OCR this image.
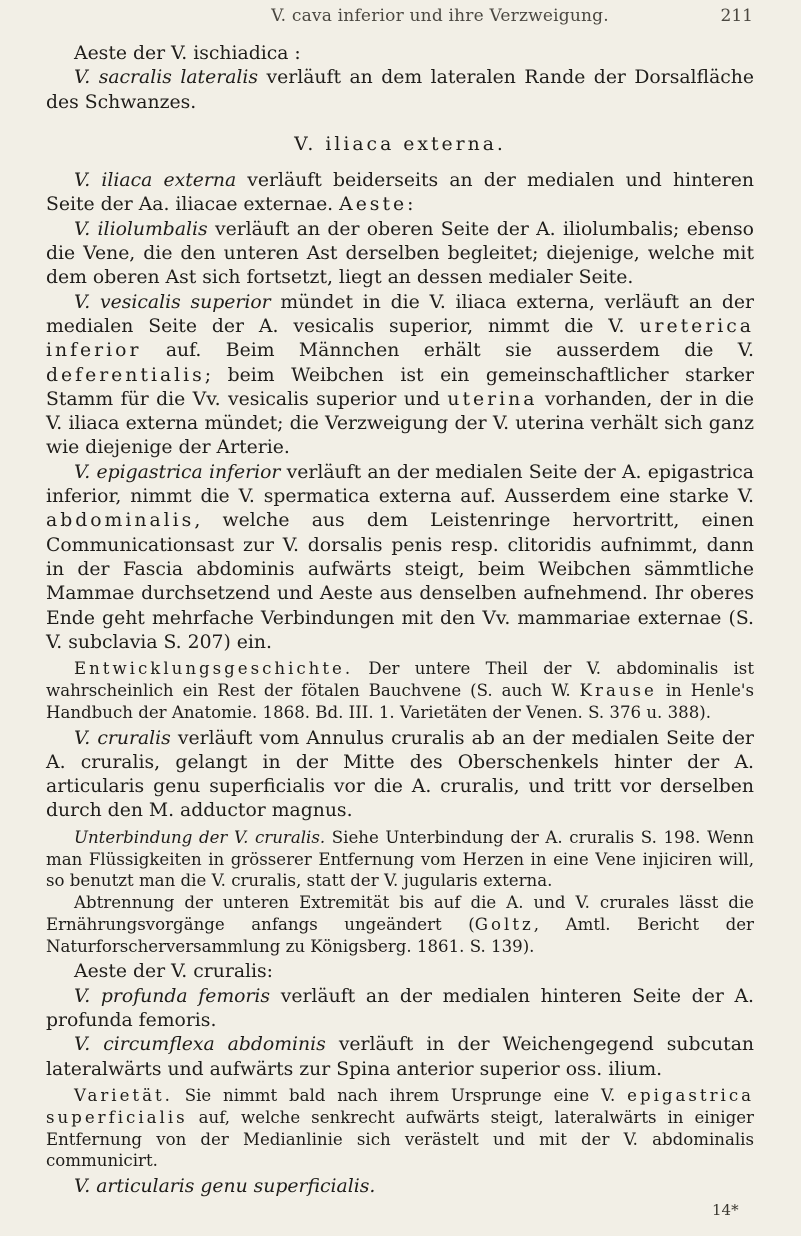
V. cava inferior und ihre Verzweigung.	211

Aeste der V. ischiadica :

V. sacralis lateralis verläuft an dem lateralen Rande der Dorsalfläche des Schwanzes.

V. iliaca externa.

V. iliaca externa verläuft beiderseits an der medialen und hinteren Seite der Aa. iliacae externae. Aeste:

V. iliolumbalis verläuft an der oberen Seite der A. iliolumbalis; ebenso die Vene, die den unteren Ast derselben begleitet; diejenige, welche mit dem oberen Ast sich fortsetzt, liegt an dessen medialer Seite.

V. vesicalis superior mündet in die V. iliaca externa, verläuft an der medialen Seite der A. vesicalis superior, nimmt die V. ureterica inferior auf. Beim Männchen erhält sie ausserdem die V. deferentialis; beim Weibchen ist ein gemeinschaftlicher starker Stamm für die Vv. vesicalis superior und uterina vorhanden, der in die V. iliaca externa mündet; die Verzweigung der V. uterina verhält sich ganz wie diejenige der Arterie.

V. epigastrica inferior verläuft an der medialen Seite der A. epigastrica inferior, nimmt die V. spermatica externa auf. Ausserdem eine starke V. abdominalis, welche aus dem Leistenringe hervortritt, einen Communicationsast zur V. dorsalis penis resp. clitoridis aufnimmt, dann in der Fascia abdominis aufwärts steigt, beim Weibchen sämmtliche Mammae durchsetzend und Aeste aus denselben aufnehmend. Ihr oberes Ende geht mehrfache Verbindungen mit den Vv. mammariae externae (S. V. subclavia S. 207) ein.

Entwicklungsgeschichte. Der untere Theil der V. abdominalis ist wahrscheinlich ein Rest der fötalen Bauchvene (S. auch W. Krause in Henle's Handbuch der Anatomie. 1868. Bd. III. 1. Varietäten der Venen. S. 376 u. 388).

V. cruralis verläuft vom Annulus cruralis ab an der medialen Seite der A. cruralis, gelangt in der Mitte des Oberschenkels hinter der A. articularis genu superficialis vor die A. cruralis, und tritt vor derselben durch den M. adductor magnus.

Unterbindung der V. cruralis. Siehe Unterbindung der A. cruralis S. 198. Wenn man Flüssigkeiten in grösserer Entfernung vom Herzen in eine Vene injiciren will, so benutzt man die V. cruralis, statt der V. jugularis externa.

Abtrennung der unteren Extremität bis auf die A. und V. crurales lässt die Ernährungsvorgänge anfangs ungeändert (Goltz, Amtl. Bericht der Naturforscherversammlung zu Königsberg. 1861. S. 139).

Aeste der V. cruralis:

V. profunda femoris verläuft an der medialen hinteren Seite der A. profunda femoris.

V. circumflexa abdominis verläuft in der Weichengegend subcutan lateralwärts und aufwärts zur Spina anterior superior oss. ilium.

Varietät. Sie nimmt bald nach ihrem Ursprunge eine V. epigastrica superficialis auf, welche senkrecht aufwärts steigt, lateralwärts in einiger Entfernung von der Medianlinie sich verästelt und mit der V. abdominalis communicirt.

V. articularis genu superficialis.

14*
